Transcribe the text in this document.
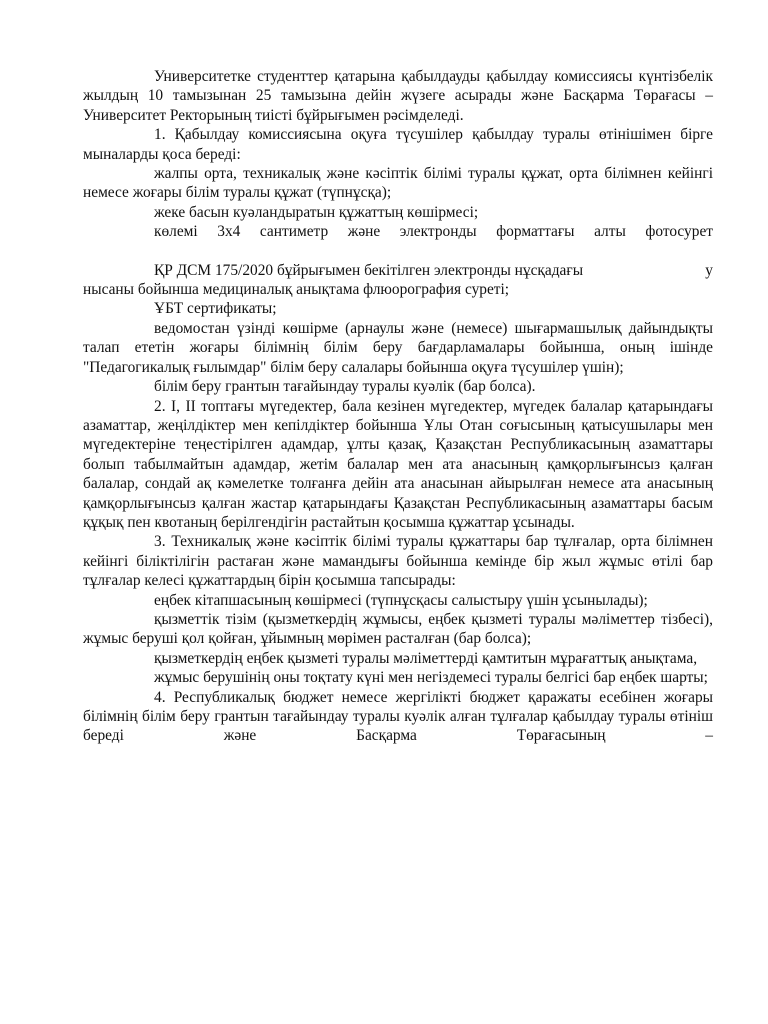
Университетке студенттер қатарына қабылдауды қабылдау комиссиясы күнтізбелік жылдың 10 тамызынан 25 тамызына дейін жүзеге асырады және Басқарма Төрағасы – Университет Ректорының тиісті бұйрығымен рәсімделеді.

1. Қабылдау комиссиясына оқуға түсушілер қабылдау туралы өтінішімен бірге мыналарды қоса береді:

жалпы орта, техникалық және кәсіптік білімі туралы құжат, орта білімнен кейінгі немесе жоғары білім туралы құжат (түпнұсқа);

жеке басын куәландыратын құжаттың көшірмесі;

көлемі 3х4 сантиметр және электронды форматтағы алты фотосурет

ҚР ДСМ 175/2020 бұйрығымен бекітілген электронды нұсқадағы	у

нысаны бойынша медициналық анықтама флюорография суреті;

ҰБТ сертификаты;

ведомостан үзінді көшірме (арнаулы және (немесе) шығармашылық дайындықты талап ететін жоғары білімнің білім беру бағдарламалары бойынша, оның ішінде "Педагогикалық ғылымдар" білім беру салалары бойынша оқуға түсушілер үшін);

білім беру грантын тағайындау туралы куәлік (бар болса).

2. I, II топтағы мүгедектер, бала кезінен мүгедектер, мүгедек балалар қатарындағы азаматтар, жеңілдіктер мен кепілдіктер бойынша Ұлы Отан соғысының қатысушылары мен мүгедектеріне теңестірілген адамдар, ұлты қазақ, Қазақстан Республикасының азаматтары болып табылмайтын адамдар, жетім балалар мен ата анасының қамқорлығынсыз қалған балалар, сондай ақ кәмелетке толғанға дейін ата анасынан айырылған немесе ата анасының қамқорлығынсыз қалған жастар қатарындағы Қазақстан Республикасының азаматтары басым құқық пен квотаның берілгендігін растайтын қосымша құжаттар ұсынады.

3. Техникалық және кәсіптік білімі туралы құжаттары бар тұлғалар, орта білімнен кейінгі біліктілігін растаған және мамандығы бойынша кемінде бір жыл жұмыс өтілі бар тұлғалар келесі құжаттардың бірін қосымша тапсырады:

еңбек кітапшасының көшірмесі (түпнұсқасы салыстыру үшін ұсынылады);

қызметтік тізім (қызметкердің жұмысы, еңбек қызметі туралы мәліметтер тізбесі), жұмыс беруші қол қойған, ұйымның мөрімен расталған (бар болса);

қызметкердің еңбек қызметі туралы мәліметтерді қамтитын мұрағаттық анықтама,

жұмыс берушінің оны тоқтату күні мен негіздемесі туралы белгісі бар еңбек шарты;

4. Республикалық бюджет немесе жергілікті бюджет қаражаты есебінен жоғары білімнің білім беру грантын тағайындау туралы куәлік алған тұлғалар қабылдау туралы өтініш береді және Басқарма Төрағасының –
